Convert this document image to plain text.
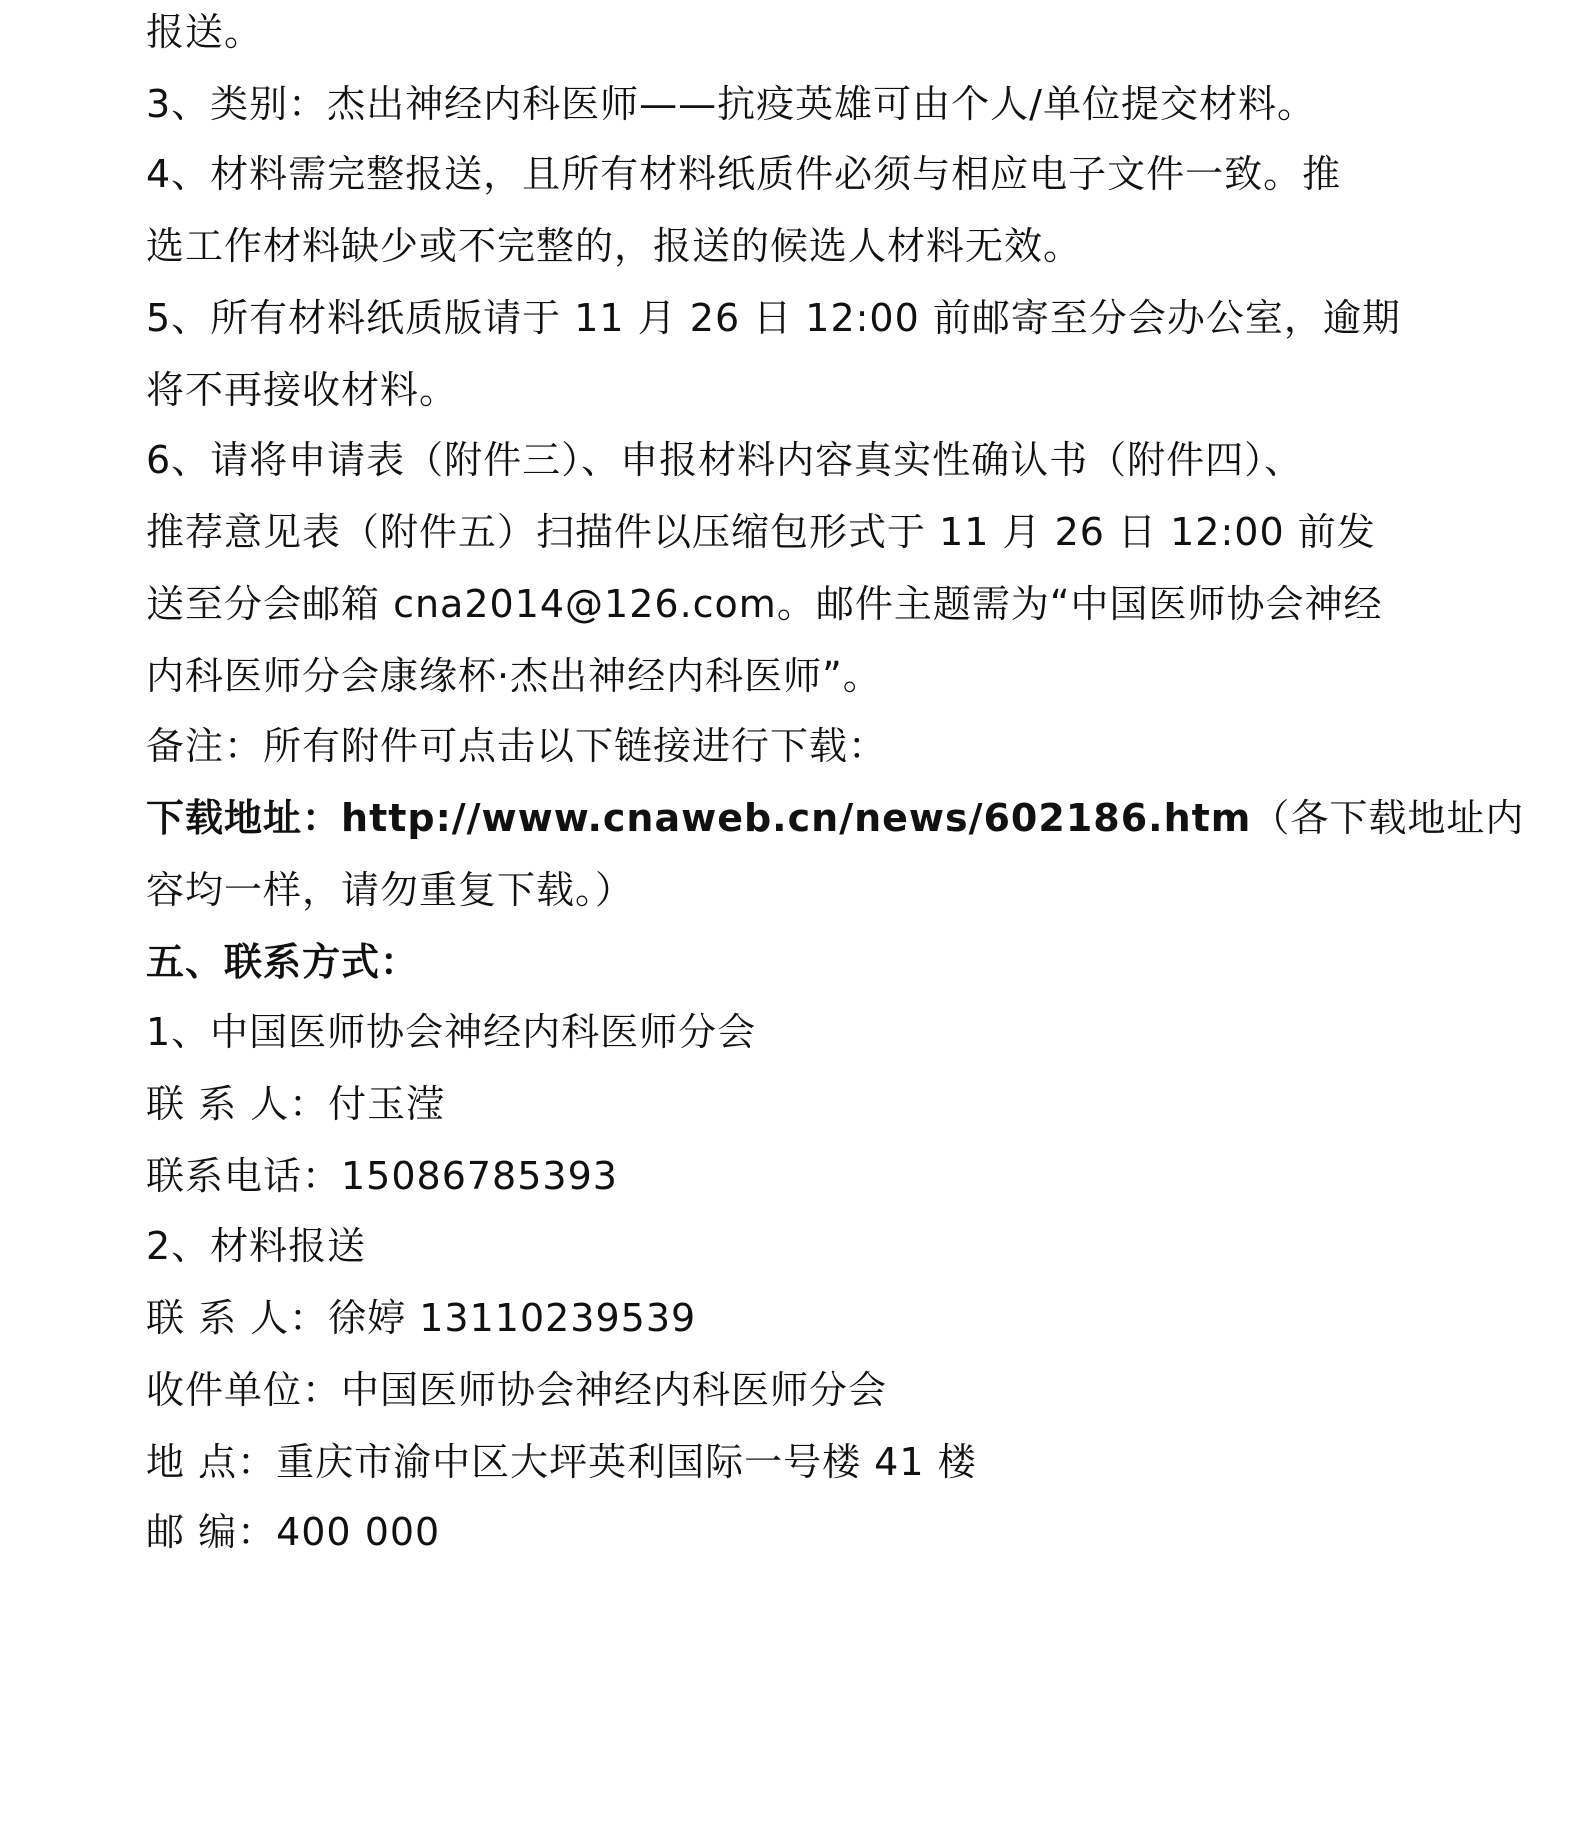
报送。
3、类别：杰出神经内科医师——抗疫英雄可由个人/单位提交材料。
4、材料需完整报送，且所有材料纸质件必须与相应电子文件一致。推
选工作材料缺少或不完整的，报送的候选人材料无效。
5、所有材料纸质版请于 11 月 26 日 12:00 前邮寄至分会办公室，逾期
将不再接收材料。
6、请将申请表（附件三）、申报材料内容真实性确认书（附件四）、
推荐意见表（附件五）扫描件以压缩包形式于 11 月 26 日 12:00 前发
送至分会邮箱 cna2014@126.com。邮件主题需为“中国医师协会神经
内科医师分会康缘杯·杰出神经内科医师”。
备注：所有附件可点击以下链接进行下载：
下载地址：http://www.cnaweb.cn/news/602186.htm（各下载地址内
容均一样，请勿重复下载。）
五、联系方式：
1、中国医师协会神经内科医师分会
联 系 人：付玉滢
联系电话：15086785393
2、材料报送
联 系 人：徐婷 13110239539
收件单位：中国医师协会神经内科医师分会
地 点：重庆市渝中区大坪英利国际一号楼 41 楼
邮 编：400 000
